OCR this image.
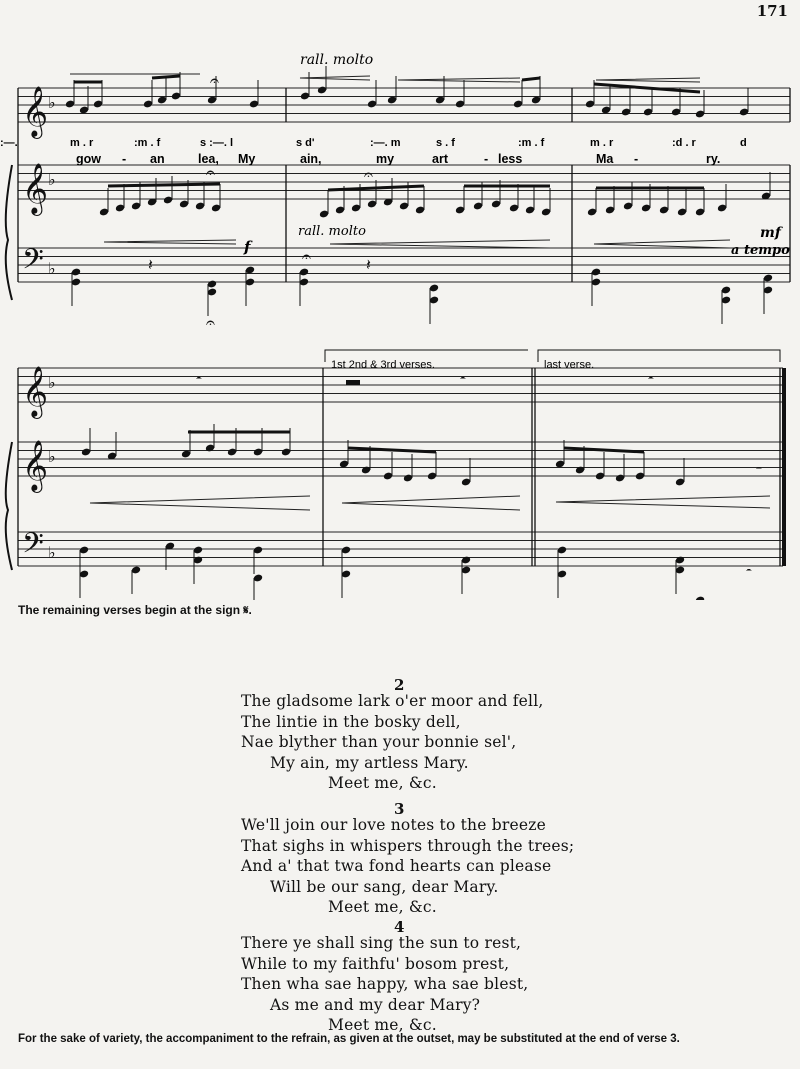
171
𝄞 ♭
𝄞 ♭
𝄢 ♭
𝄞 ♭
𝄞 ♭
𝄢 ♭
𝄽	𝄽
𝄐
𝄐
𝄐
𝄐
𝄐
𝄼	𝄼	𝄼
𝄼
𝄼
rall. molto
rall. molto
f
mf
a tempo
m . r	:m . f	s :—. l	s d'	:—. m	s . f	:m . f	m . r	:d . r	d
:—.
gow - an	lea, My	ain,	my	art	- less	Ma -	ry.
1st 2nd & 3rd verses.	last verse.
The remaining verses begin at the sign 𝄋.
2
The gladsome lark o'er moor and fell,
The lintie in the bosky dell,
Nae blyther than your bonnie sel',
My ain, my artless Mary.
Meet me, &c.
3
We'll join our love notes to the breeze
That sighs in whispers through the trees;
And a' that twa fond hearts can please
Will be our sang, dear Mary.
Meet me, &c.
4
There ye shall sing the sun to rest,
While to my faithfu' bosom prest,
Then wha sae happy, wha sae blest,
As me and my dear Mary?
Meet me, &c.
For the sake of variety, the accompaniment to the refrain, as given at the outset, may be substituted at the end of verse 3.
